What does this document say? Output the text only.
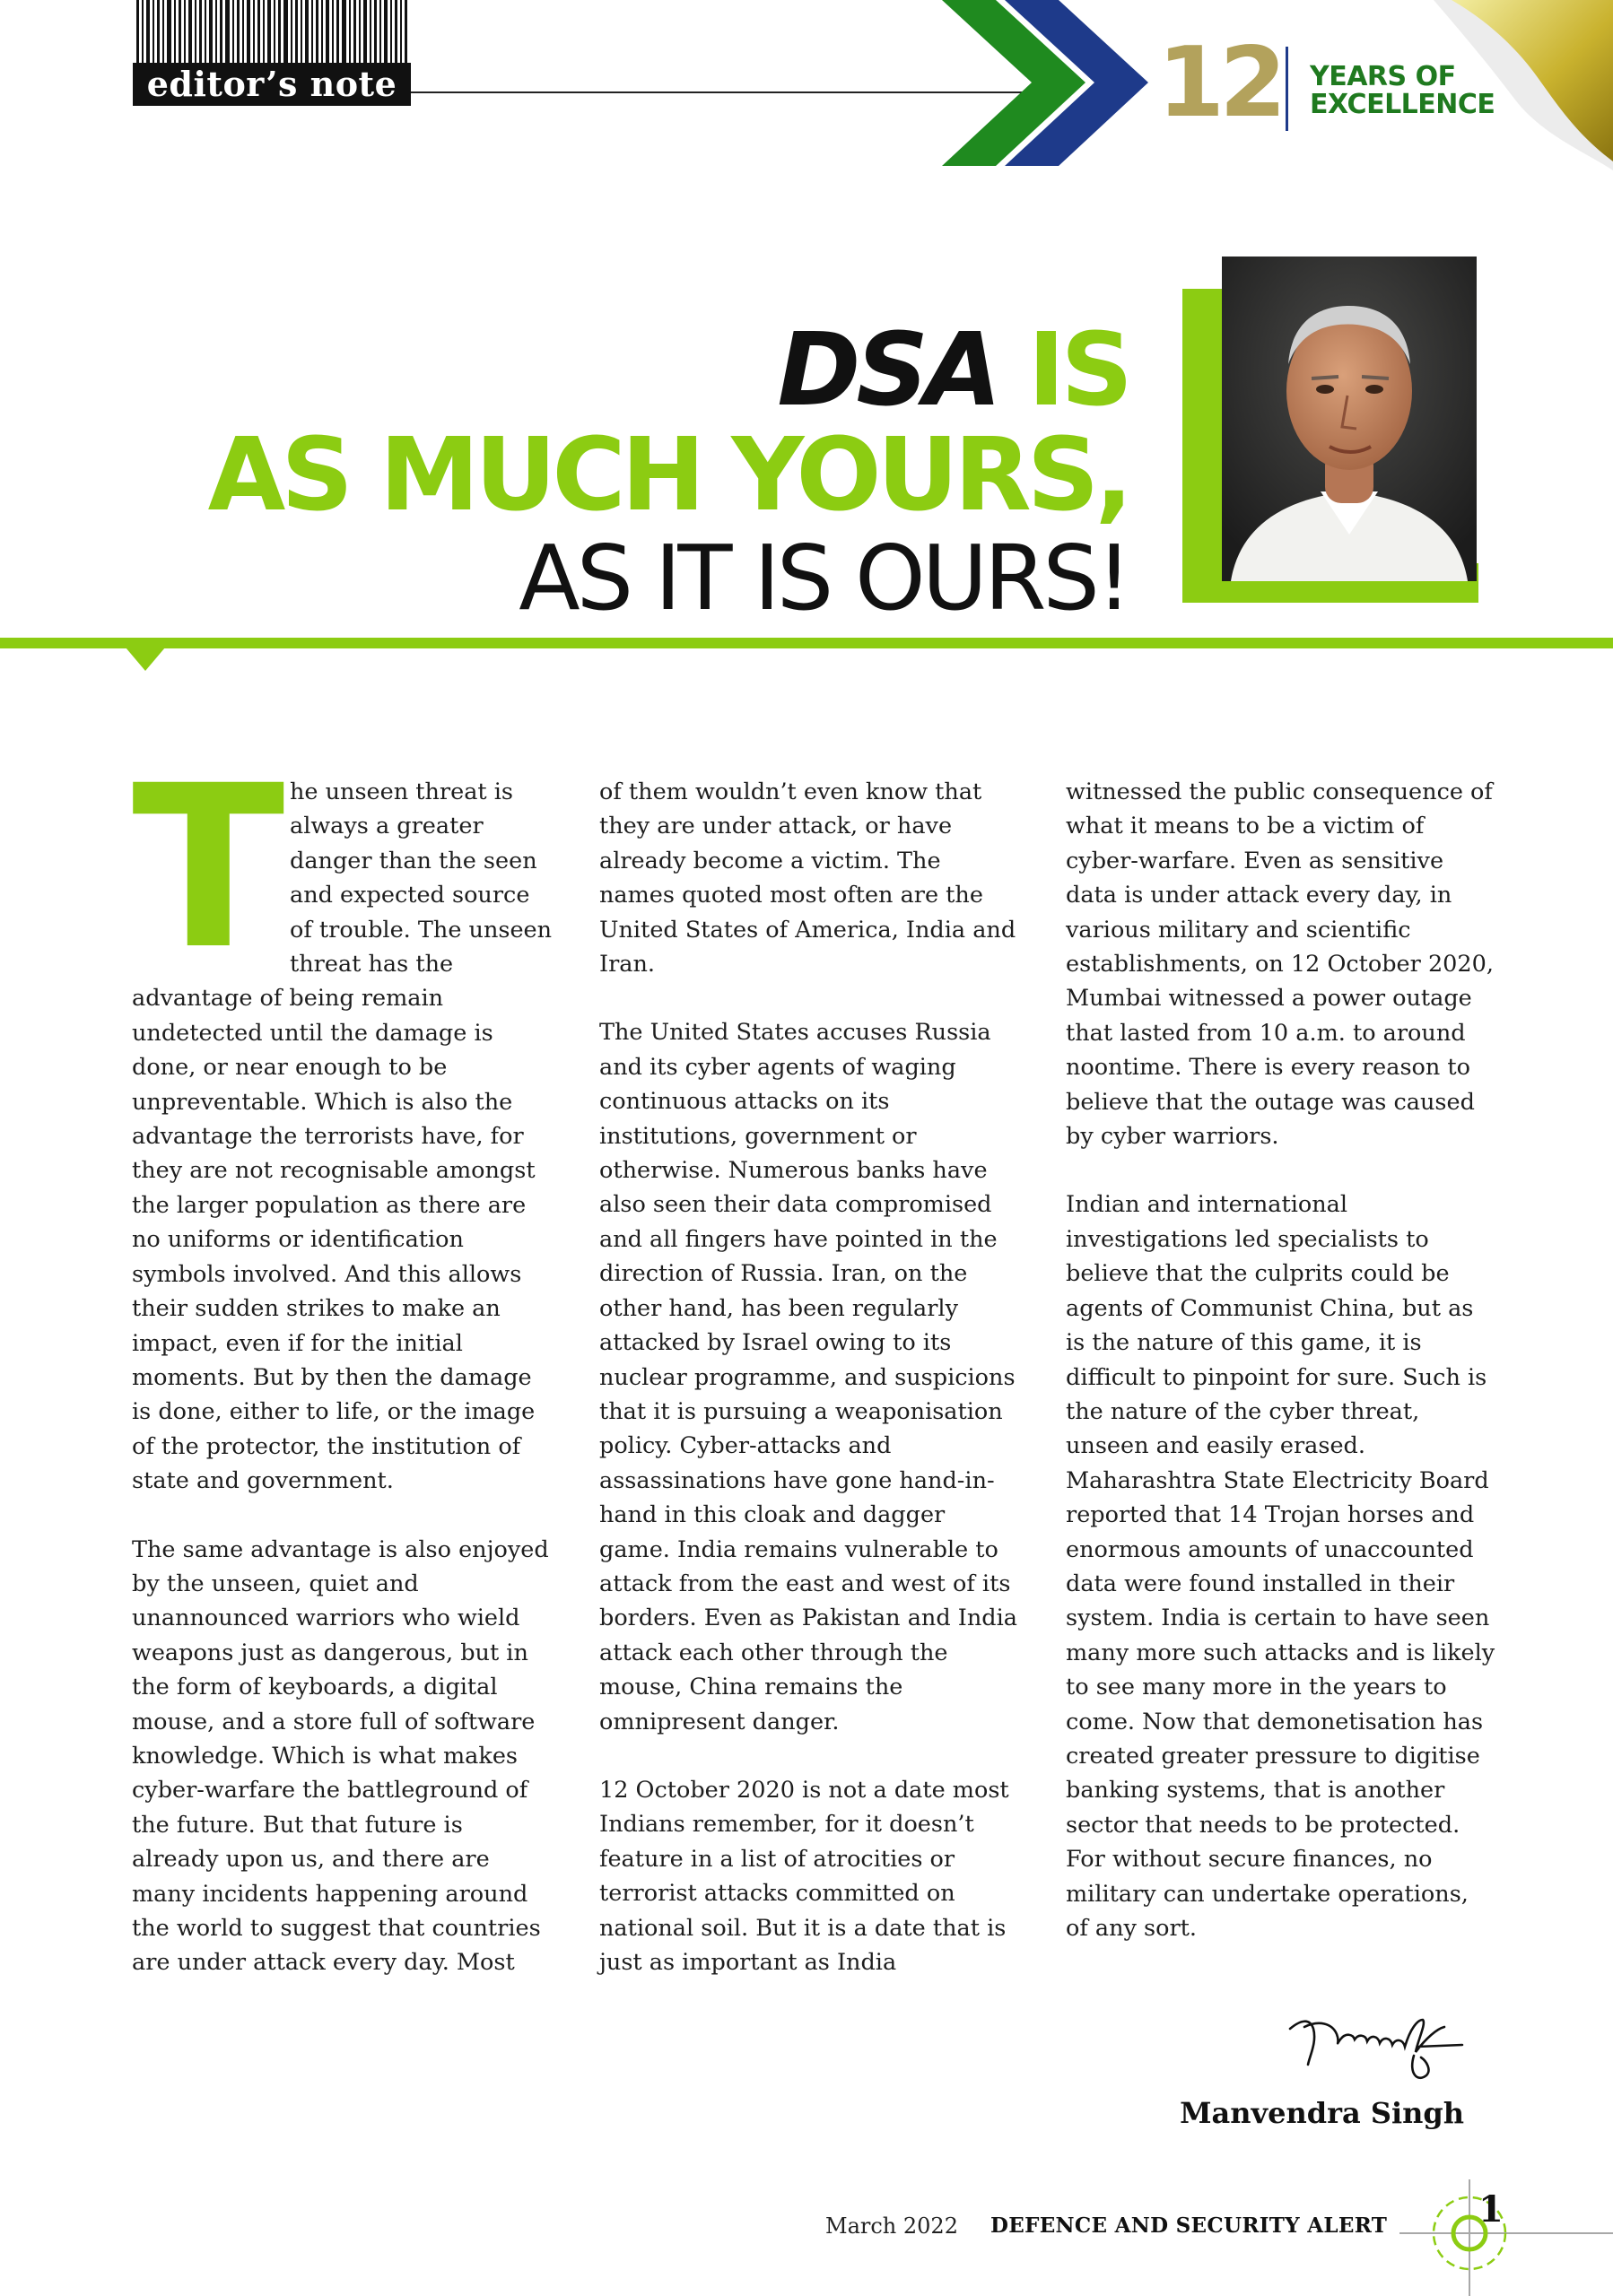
editor’s note	12 YEARS OF
EXCELLENCE
DSA IS
AS MUCH YOURS,
AS IT IS OURS!

The unseen threat is always a greater danger than the seen and expected source of trouble. The unseen threat has the advantage of being remain undetected until the damage is done, or near enough to be unpreventable. Which is also the advantage the terrorists have, for they are not recognisable amongst the larger population as there are no uniforms or identification symbols involved. And this allows their sudden strikes to make an impact, even if for the initial moments. But by then the damage is done, either to life, or the image of the protector, the institution of state and government.

The same advantage is also enjoyed by the unseen, quiet and unannounced warriors who wield weapons just as dangerous, but in the form of keyboards, a digital mouse, and a store full of software knowledge. Which is what makes cyber-warfare the battleground of the future. But that future is already upon us, and there are many incidents happening around the world to suggest that countries are under attack every day. Most

of them wouldn’t even know that they are under attack, or have already become a victim. The names quoted most often are the United States of America, India and Iran.

The United States accuses Russia and its cyber agents of waging continuous attacks on its institutions, government or otherwise. Numerous banks have also seen their data compromised and all fingers have pointed in the direction of Russia. Iran, on the other hand, has been regularly attacked by Israel owing to its nuclear programme, and suspicions that it is pursuing a weaponisation policy. Cyber-attacks and assassinations have gone hand-in-hand in this cloak and dagger game. India remains vulnerable to attack from the east and west of its borders. Even as Pakistan and India attack each other through the mouse, China remains the omnipresent danger.

12 October 2020 is not a date most Indians remember, for it doesn’t feature in a list of atrocities or terrorist attacks committed on national soil. But it is a date that is just as important as India

witnessed the public consequence of what it means to be a victim of cyber-warfare. Even as sensitive data is under attack every day, in various military and scientific establishments, on 12 October 2020, Mumbai witnessed a power outage that lasted from 10 a.m. to around noontime. There is every reason to believe that the outage was caused by cyber warriors.

Indian and international investigations led specialists to believe that the culprits could be agents of Communist China, but as is the nature of this game, it is difficult to pinpoint for sure. Such is the nature of the cyber threat, unseen and easily erased. Maharashtra State Electricity Board reported that 14 Trojan horses and enormous amounts of unaccounted data were found installed in their system. India is certain to have seen many more such attacks and is likely to see many more in the years to come. Now that demonetisation has created greater pressure to digitise banking systems, that is another sector that needs to be protected. For without secure finances, no military can undertake operations, of any sort.

Manvendra Singh
March 2022 DEFENCE AND SECURITY ALERT	1
